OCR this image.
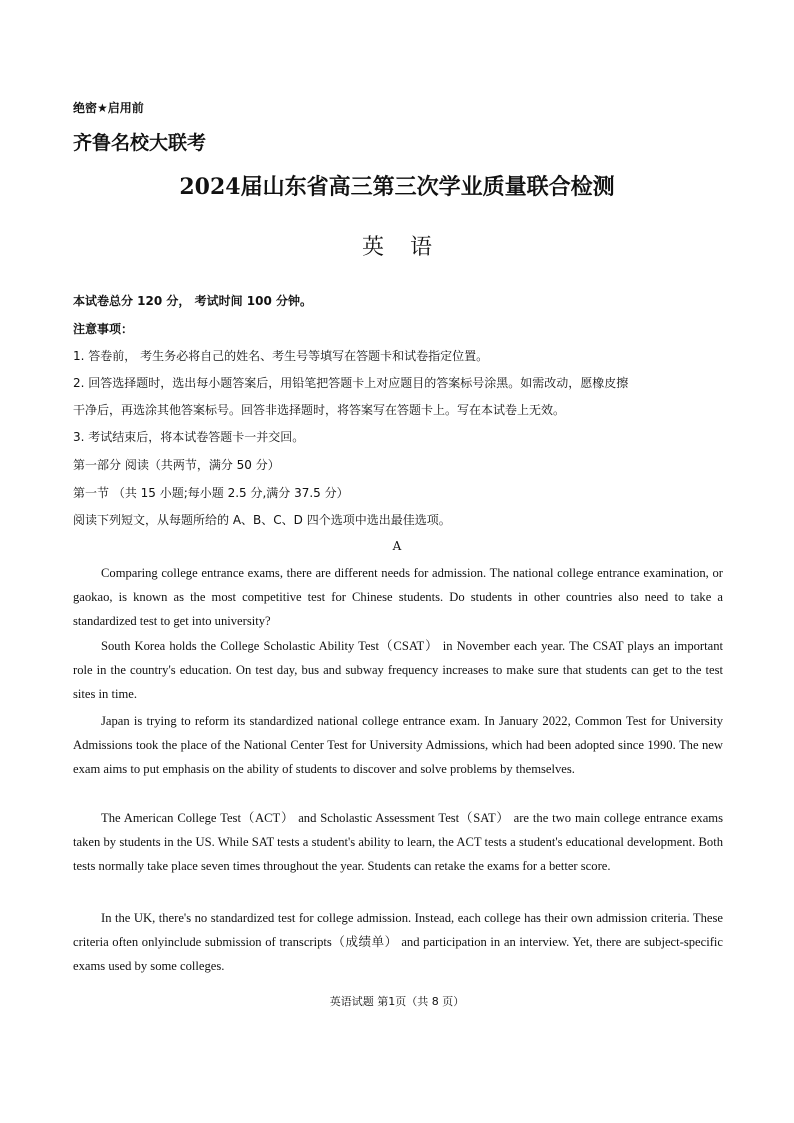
绝密★启用前

齐鲁名校大联考

2024届山东省高三第三次学业质量联合检测

英 语

本试卷总分 120 分， 考试时间 100 分钟。

注意事项：

1. 答卷前， 考生务必将自己的姓名、考生号等填写在答题卡和试卷指定位置。

2. 回答选择题时，选出每小题答案后，用铅笔把答题卡上对应题目的答案标号涂黑。如需改动，愿橡皮擦

干净后，再选涂其他答案标号。回答非选择题时，将答案写在答题卡上。写在本试卷上无效。

3. 考试结束后，将本试卷答题卡一并交回。

第一部分 阅读（共两节，满分 50 分）

第一节 （共 15 小题;每小题 2.5 分,满分 37.5 分）

阅读下列短文，从每题所给的 A、B、C、D 四个选项中选出最佳选项。

A

Comparing college entrance exams, there are different needs for admission. The national college entrance examination, or gaokao, is known as the most competitive test for Chinese students. Do students in other countries also need to take a standardized test to get into university?

South Korea holds the College Scholastic Ability Test（CSAT） in November each year. The CSAT plays an important role in the country's education. On test day, bus and subway frequency increases to make sure that students can get to the test sites in time.

Japan is trying to reform its standardized national college entrance exam. In January 2022, Common Test for University Admissions took the place of the National Center Test for University Admissions, which had been adopted since 1990. The new exam aims to put emphasis on the ability of students to discover and solve problems by themselves.

The American College Test（ACT） and Scholastic Assessment Test（SAT） are the two main college entrance exams taken by students in the US. While SAT tests a student's ability to learn, the ACT tests a student's educational development. Both tests normally take place seven times throughout the year. Students can retake the exams for a better score.

In the UK, there's no standardized test for college admission. Instead, each college has their own admission criteria. These criteria often onlyinclude submission of transcripts（成绩单） and participation in an interview. Yet, there are subject-specific exams used by some colleges.

英语试题 第1页（共 8 页）
